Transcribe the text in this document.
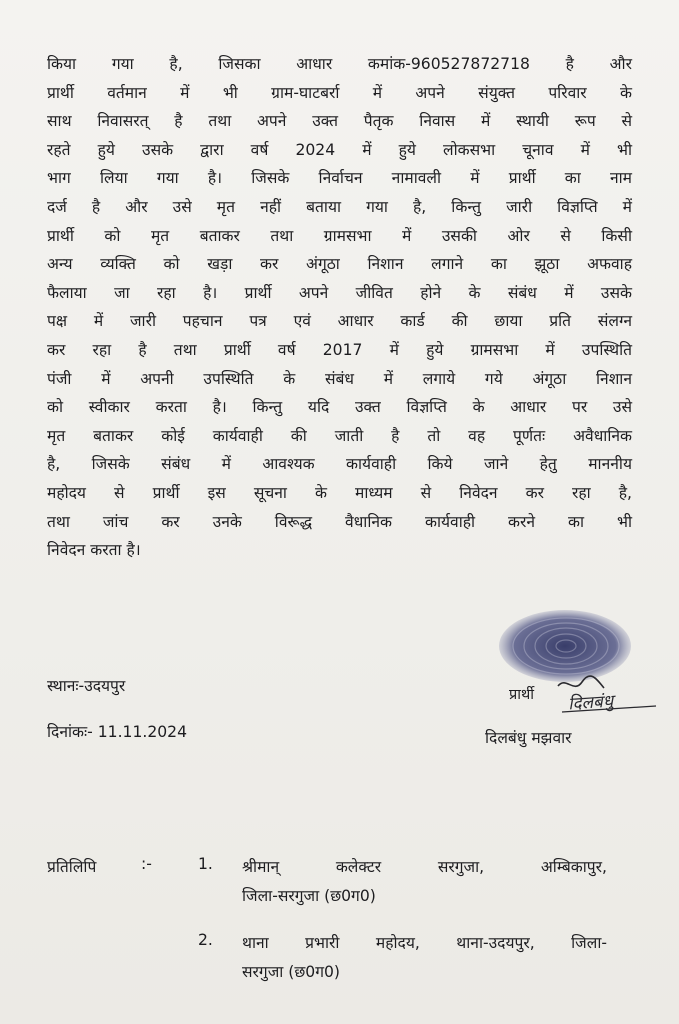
किया गया है, जिसका आधार कमांक-960527872718 है और
प्रार्थी वर्तमान में भी ग्राम-घाटबर्रा में अपने संयुक्त परिवार के
साथ निवासरत् है तथा अपने उक्त पैतृक निवास में स्थायी रूप से
रहते हुये उसके द्वारा वर्ष 2024 में हुये लोकसभा चूनाव में भी
भाग लिया गया है। जिसके निर्वाचन नामावली में प्रार्थी का नाम
दर्ज है और उसे मृत नहीं बताया गया है, किन्तु जारी विज्ञप्ति में
प्रार्थी को मृत बताकर तथा ग्रामसभा में उसकी ओर से किसी
अन्य व्यक्ति को खड़ा कर अंगूठा निशान लगाने का झूठा अफवाह
फैलाया जा रहा है। प्रार्थी अपने जीवित होने के संबंध में उसके
पक्ष में जारी पहचान पत्र एवं आधार कार्ड की छाया प्रति संलग्न
कर रहा है तथा प्रार्थी वर्ष 2017 में हुये ग्रामसभा में उपस्थिति
पंजी में अपनी उपस्थिति के संबंध में लगाये गये अंगूठा निशान
को स्वीकार करता है। किन्तु यदि उक्त विज्ञप्ति के आधार पर उसे
मृत बताकर कोई कार्यवाही की जाती है तो वह पूर्णतः अवैधानिक
है, जिसके संबंध में आवश्यक कार्यवाही किये जाने हेतु माननीय
महोदय से प्रार्थी इस सूचना के माध्यम से निवेदन कर रहा है,
तथा जांच कर उनके विरूद्ध वैधानिक कार्यवाही करने का भी
निवेदन करता है।
स्थानः-उदयपुर
दिनांकः- 11.11.2024
प्रार्थी दिलबंधु
दिलबंधु मझवार
प्रतिलिपि	:-	1. श्रीमान् कलेक्टर सरगुजा, अम्बिकापुर,
जिला-सरगुजा (छ0ग0)
2. थाना प्रभारी महोदय, थाना-उदयपुर, जिला-
सरगुजा (छ0ग0)
